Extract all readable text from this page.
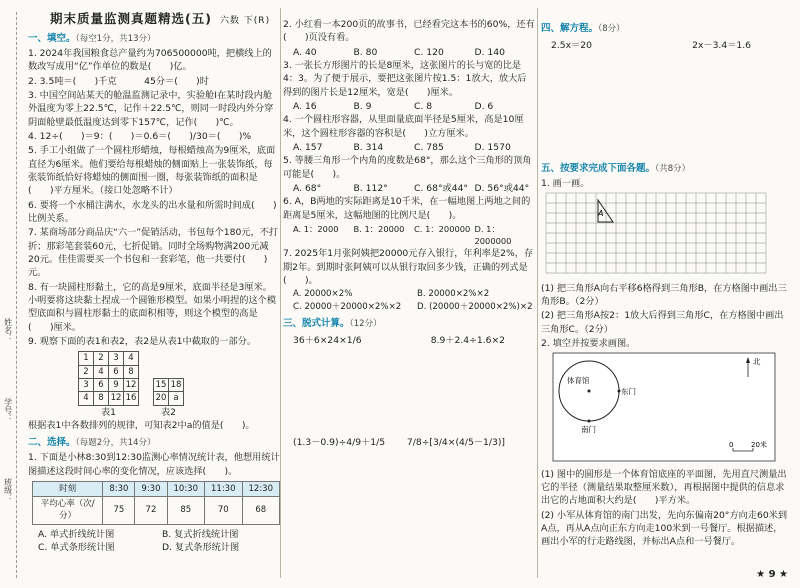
姓名：
学号：
班级：
期末质量监测真题精选(五) 六数 下(R)
一、填空。（每空1分，共13分）

1. 2024年我国粮食总产量约为706500000吨，把横线上的数改写成用“亿”作单位的数是(　　)亿。

2. 3.5吨＝(　　)千克　　　	45分＝(　　)时

3. 中国空间站某天的舱温监测记录中，实验舱Ⅰ在某时段内舱外温度为零上22.5℃，记作＋22.5℃，则同一时段内外分穿阴面舱壁最低温度达到零下157℃，记作(　　)℃。

4. 12÷(　　)＝9：(　　)＝0.6＝(　　)/30＝(　　)%

5. 手工小组做了一个圆柱形蜡烛，每根蜡烛高为9厘米，底面直径为6厘米。他们要给每根蜡烛的侧面贴上一张装饰纸，每张装饰纸恰好将蜡烛的侧面围一圈，每张装饰纸的面积是(　　)平方厘米。（接口处忽略不计）

6. 要将一个水桶注满水，水龙头的出水量和所需时间成(　　)比例关系。

7. 某商场部分商品庆“六一”促销活动，书包每个180元，不打折；那彩笔套装60元，七折促销。同时全场购物满200元减20元。佳佳需要买一个书包和一套彩笔，他一共要付(　　)元。

8. 有一块圆柱形黏土，它的高是9厘米，底面半径是3厘米。小明要将这块黏土捏成一个圆锥形模型。如果小明捏的这个模型底面积与圆柱形黏土的底面积相等，则这个模型的高是(　　)厘米。

9. 观察下面的表1和表2，表2是从表1中截取的一部分。

1	2	3	4
2	4	6	8
3	6	9	12
4	8	12	16
表1
15	18
20	a
表2

根据表1中各数排列的规律，可知表2中a的值是(　　)。

二、选择。（每题2分，共14分）

1. 下面是小林8:30到12:30监测心率情况统计表，他想用统计图描述这段时间心率的变化情况，应该选择(　　)。

时刻	8:30	9:30	10:30	11:30	12:30
平均心率（次/分）	75	72	85	70	68
A. 单式折线统计图	B. 复式折线统计图
C. 单式条形统计图	D. 复式条形统计图

2. 小红看一本200页的故事书，已经看完这本书的60%，还有(　　)页没有看。

A. 40	B. 80	C. 120	D. 140

3. 一张长方形图片的长是8厘米，这张图片的长与宽的比是4：3。为了便于展示，要把这张图片按1.5：1放大，放大后得到的图片长是12厘米，宽是(　　)厘米。

A. 16	B. 9	C. 8	D. 6

4. 一个圆柱形容器，从里面量底面半径是5厘米，高是10厘米，这个圆柱形容器的容积是(　　)立方厘米。

A. 157	B. 314	C. 785	D. 1570

5. 等腰三角形一个内角的度数是68°，那么这个三角形的顶角可能是(　　)。

A. 68°	B. 112°	C. 68°或44° D. 56°或44°

6. A，B两地的实际距离是10千米，在一幅地图上两地之间的距离是5厘米，这幅地图的比例尺是(　　)。

A. 1：2000	B. 1：20000	C. 1：200000 D. 1：2000000

7. 2025年1月张阿姨把20000元存入银行，年利率是2%，存期2年。到期时张阿姨可以从银行取回多少钱，正确的列式是(　　)。

A. 20000×2%	B. 20000×2%×2
C. 20000＋20000×2%×2	D. (20000＋20000×2%)×2
三、脱式计算。（12分）
36＋6×24×1/6	8.9＋2.4÷1.6×2
(1.3－0.9)÷4/9＋1/5 7/8÷[3/4×(4/5－1/3)]
四、解方程。（8分）
2.5x＝20	2x－3.4＝1.6
五、按要求完成下面各题。（共8分）

1. 画一画。

A

(1) 把三角形A向右平移6格得到三角形B，在方格图中画出三角形B。（2分）

(2) 把三角形A按2：1放大后得到三角形C，在方格图中画出三角形C。（2分）

2. 填空并按要求画图。

体育馆
东门
南门
北
0	20米

(1) 图中的圆形是一个体育馆底座的平面图，先用直尺测量出它的半径（测量结果取整厘米数），再根据图中提供的信息求出它的占地面积大约是(　　)平方米。

(2) 小军从体育馆的南门出发，先向东偏南20°方向走60米到A点，再从A点向正东方向走100米到一号餐厅。根据描述，画出小军的行走路线图，并标出A点和一号餐厅。

★ 9 ★
